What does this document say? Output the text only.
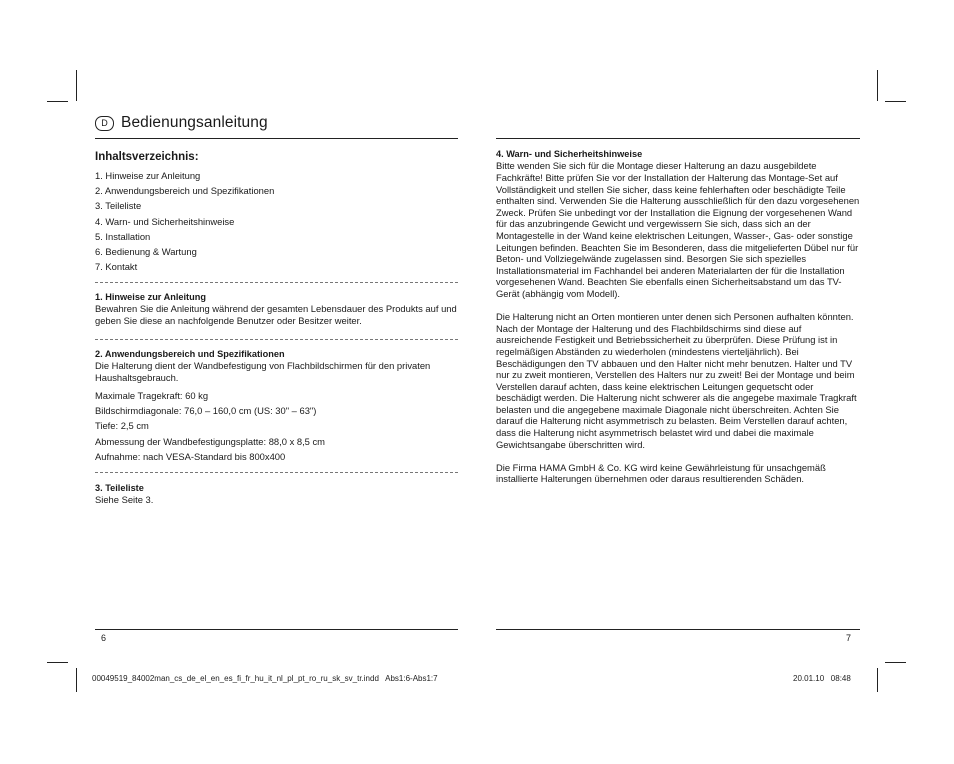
D Bedienungsanleitung
Inhaltsverzeichnis:
1. Hinweise zur Anleitung
2. Anwendungsbereich und Spezifikationen
3. Teileliste
4. Warn- und Sicherheitshinweise
5. Installation
6. Bedienung & Wartung
7. Kontakt
1. Hinweise zur Anleitung
Bewahren Sie die Anleitung während der gesamten Lebensdauer des Produkts auf und geben Sie diese an nachfolgende Benutzer oder Besitzer weiter.
2. Anwendungsbereich und Spezifikationen
Die Halterung dient der Wandbefestigung von Flachbildschirmen für den privaten Haushaltsgebrauch.
Maximale Tragekraft: 60 kg
Bildschirmdiagonale: 76,0 – 160,0 cm (US: 30" – 63")
Tiefe: 2,5 cm
Abmessung der Wandbefestigungsplatte: 88,0 x 8,5 cm
Aufnahme: nach VESA-Standard bis 800x400
3. Teileliste
Siehe Seite 3.
4. Warn- und Sicherheitshinweise
Bitte wenden Sie sich für die Montage dieser Halterung an dazu ausgebildete Fachkräfte! Bitte prüfen Sie vor der Installation der Halterung das Montage-Set auf Vollständigkeit und stellen Sie sicher, dass keine fehlerhaften oder beschädigte Teile enthalten sind. Verwenden Sie die Halterung ausschließlich für den dazu vorgesehenen Zweck. Prüfen Sie unbedingt vor der Installation die Eignung der vorgesehenen Wand für das anzubringende Gewicht und vergewissern Sie sich, dass sich an der Montagestelle in der Wand keine elektrischen Leitungen, Wasser-, Gas- oder sonstige Leitungen befinden. Beachten Sie im Besonderen, dass die mitgelieferten Dübel nur für Beton- und Vollziegelwände zugelassen sind. Besorgen Sie sich spezielles Installationsmaterial im Fachhandel bei anderen Materialarten der für die Installation vorgesehenen Wand. Beachten Sie ebenfalls einen Sicherheitsabstand um das TV-Gerät (abhängig vom Modell).
Die Halterung nicht an Orten montieren unter denen sich Personen aufhalten könnten. Nach der Montage der Halterung und des Flachbildschirms sind diese auf ausreichende Festigkeit und Betriebssicherheit zu überprüfen. Diese Prüfung ist in regelmäßigen Abständen zu wiederholen (mindestens vierteljährlich). Bei Beschädigungen den TV abbauen und den Halter nicht mehr benutzen. Halter und TV nur zu zweit montieren, Verstellen des Halters nur zu zweit! Bei der Montage und beim Verstellen darauf achten, dass keine elektrischen Leitungen gequetscht oder beschädigt werden. Die Halterung nicht schwerer als die angegebe maximale Tragkraft belasten und die angegebene maximale Diagonale nicht überschreiten. Achten Sie darauf die Halterung nicht asymmetrisch zu belasten. Beim Verstellen darauf achten, dass die Halterung nicht asymmetrisch belastet wird und dabei die maximale Gewichtsangabe überschritten wird.
Die Firma HAMA GmbH & Co. KG wird keine Gewährleistung für unsachgemäß installierte Halterungen übernehmen oder daraus resultierenden Schäden.
6	7
00049519_84002man_cs_de_el_en_es_fi_fr_hu_it_nl_pl_pt_ro_ru_sk_sv_tr.indd   Abs1:6-Abs1:7	20.01.10   08:48
